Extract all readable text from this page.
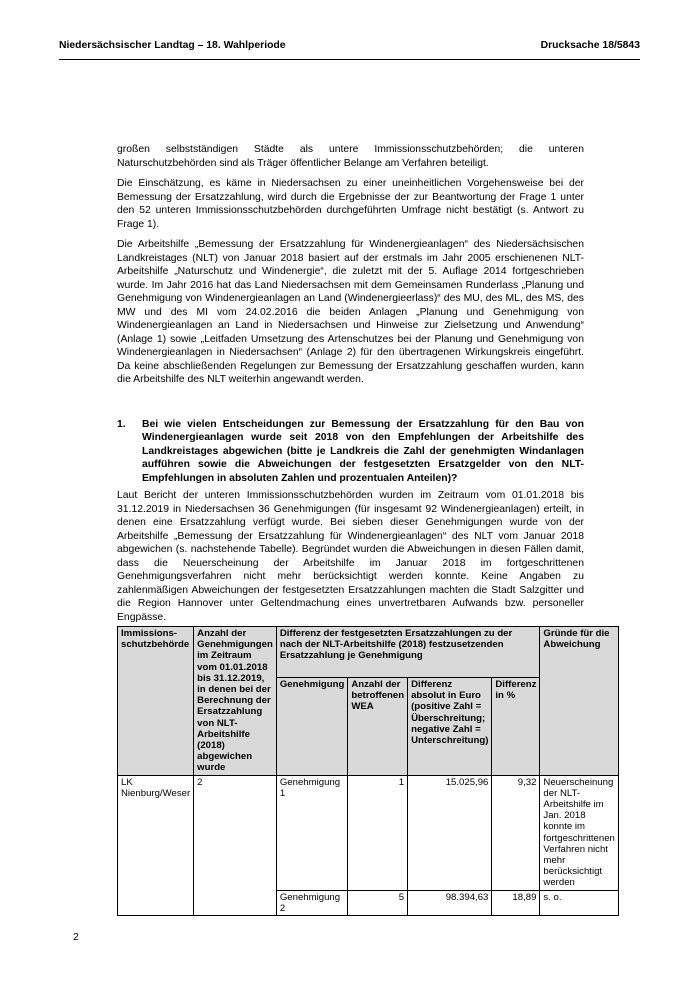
Niedersächsischer Landtag – 18. Wahlperiode	Drucksache 18/5843

großen selbstständigen Städte als untere Immissionsschutzbehörden; die unteren Naturschutzbehörden sind als Träger öffentlicher Belange am Verfahren beteiligt.

Die Einschätzung, es käme in Niedersachsen zu einer uneinheitlichen Vorgehensweise bei der Bemessung der Ersatzzahlung, wird durch die Ergebnisse der zur Beantwortung der Frage 1 unter den 52 unteren Immissionsschutzbehörden durchgeführten Umfrage nicht bestätigt (s. Antwort zu Frage 1).

Die Arbeitshilfe „Bemessung der Ersatzzahlung für Windenergieanlagen“ des Niedersächsischen Landkreistages (NLT) von Januar 2018 basiert auf der erstmals im Jahr 2005 erschienenen NLT-Arbeitshilfe „Naturschutz und Windenergie“, die zuletzt mit der 5. Auflage 2014 fortgeschrieben wurde. Im Jahr 2016 hat das Land Niedersachsen mit dem Gemeinsamen Runderlass „Planung und Genehmigung von Windenergieanlagen an Land (Windenergieerlass)“ des MU, des ML, des MS, des MW und des MI vom 24.02.2016 die beiden Anlagen „Planung und Genehmigung von Windenergieanlagen an Land in Niedersachsen und Hinweise zur Zielsetzung und Anwendung“ (Anlage 1) sowie „Leitfaden Umsetzung des Artenschutzes bei der Planung und Genehmigung von Windenergieanlagen in Niedersachsen“ (Anlage 2) für den übertragenen Wirkungskreis eingeführt. Da keine abschließenden Regelungen zur Bemessung der Ersatzzahlung geschaffen wurden, kann die Arbeitshilfe des NLT weiterhin angewandt werden.

1.	Bei wie vielen Entscheidungen zur Bemessung der Ersatzzahlung für den Bau von Windenergieanlagen wurde seit 2018 von den Empfehlungen der Arbeitshilfe des Landkreistages abgewichen (bitte je Landkreis die Zahl der genehmigten Windanlagen aufführen sowie die Abweichungen der festgesetzten Ersatzgelder von den NLT-Empfehlungen in absoluten Zahlen und prozentualen Anteilen)?

Laut Bericht der unteren Immissionsschutzbehörden wurden im Zeitraum vom 01.01.2018 bis 31.12.2019 in Niedersachsen 36 Genehmigungen (für insgesamt 92 Windenergieanlagen) erteilt, in denen eine Ersatzzahlung verfügt wurde. Bei sieben dieser Genehmigungen wurde von der Arbeitshilfe „Bemessung der Ersatzzahlung für Windenergieanlagen“ des NLT vom Januar 2018 abgewichen (s. nachstehende Tabelle). Begründet wurden die Abweichungen in diesen Fällen damit, dass die Neuerscheinung der Arbeitshilfe im Januar 2018 im fortgeschrittenen Genehmigungsverfahren nicht mehr berücksichtigt werden konnte. Keine Angaben zu zahlenmäßigen Abweichungen der festgesetzten Ersatzzahlungen machten die Stadt Salzgitter und die Region Hannover unter Geltendmachung eines unvertretbaren Aufwands bzw. personeller Engpässe.

Immissions-schutzbehörde	Anzahl der Genehmigungen im Zeitraum vom 01.01.2018 bis 31.12.2019, in denen bei der Berechnung der Ersatzzahlung von NLT-Arbeitshilfe (2018) abgewichen wurde	Differenz der festgesetzten Ersatzzahlungen zu der nach der NLT-Arbeitshilfe (2018) festzusetzenden Ersatzzahlung je Genehmigung				Gründe für die Abweichung
		Genehmigung	Anzahl der betroffenen WEA	Differenz absolut in Euro (positive Zahl = Überschreitung; negative Zahl = Unterschreitung)	Differenz in %	
LK Nienburg/Weser	2	Genehmigung 1	1	15.025,96	9,32	Neuerscheinung der NLT-Arbeitshilfe im Jan. 2018 konnte im fortgeschrittenen Verfahren nicht mehr berücksichtigt werden
		Genehmigung 2	5	98.394,63	18,89	s. o.
2
